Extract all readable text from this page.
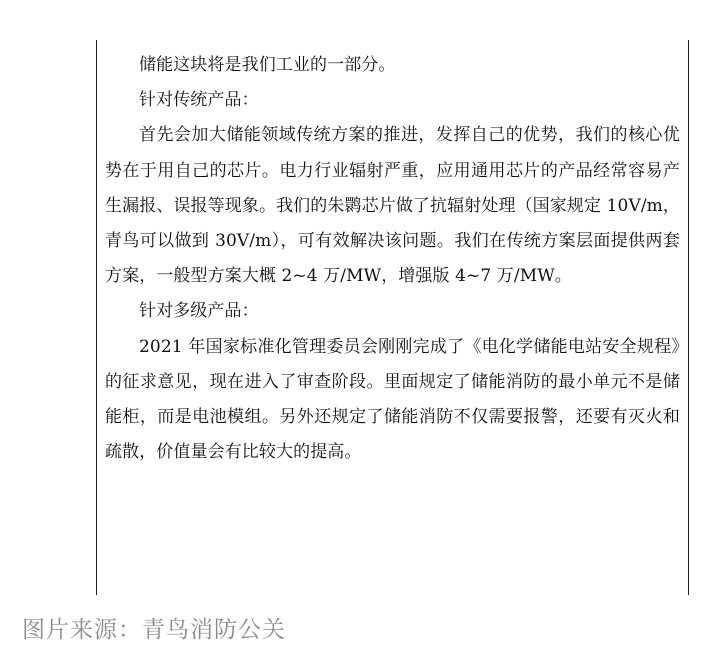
储能这块将是我们工业的一部分。

针对传统产品：

首先会加大储能领域传统方案的推进，发挥自己的优势，我们的核心优势在于用自己的芯片。电力行业辐射严重，应用通用芯片的产品经常容易产生漏报、误报等现象。我们的朱鹮芯片做了抗辐射处理（国家规定 10V/m，青鸟可以做到 30V/m），可有效解决该问题。我们在传统方案层面提供两套方案，一般型方案大概 2~4 万/MW，增强版 4~7 万/MW。

针对多级产品：

2021 年国家标准化管理委员会刚刚完成了《电化学储能电站安全规程》的征求意见，现在进入了审查阶段。里面规定了储能消防的最小单元不是储能柜，而是电池模组。另外还规定了储能消防不仅需要报警，还要有灭火和疏散，价值量会有比较大的提高。

图片来源：青鸟消防公关
